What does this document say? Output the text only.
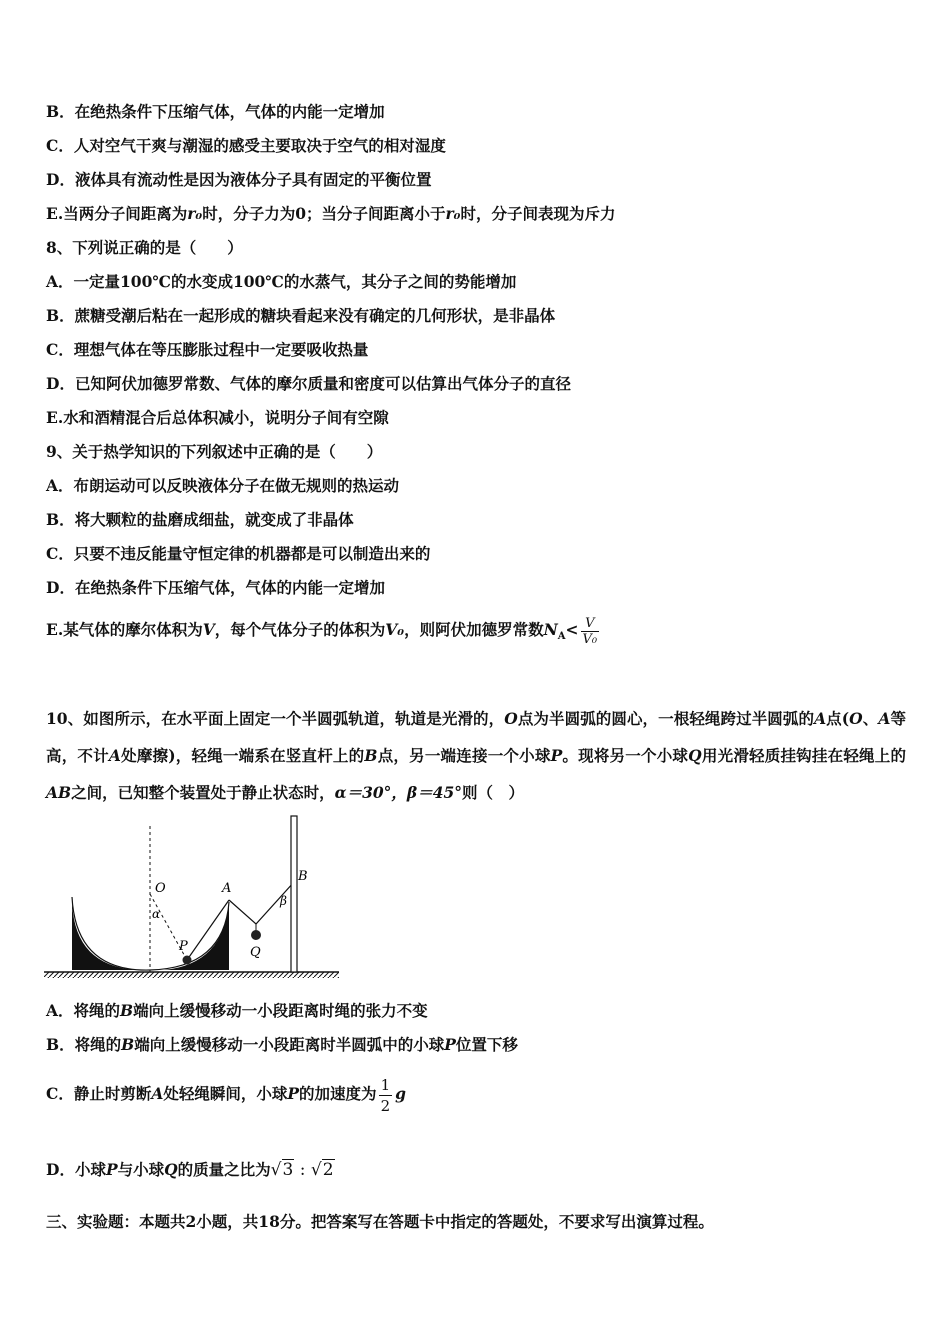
B．在绝热条件下压缩气体，气体的内能一定增加
C．人对空气干爽与潮湿的感受主要取决于空气的相对湿度
D．液体具有流动性是因为液体分子具有固定的平衡位置
E.当两分子间距离为r₀时，分子力为0；当分子间距离小于r₀时，分子间表现为斥力
8、下列说正确的是（　　）
A．一定量100℃的水变成100℃的水蒸气，其分子之间的势能增加
B．蔗糖受潮后粘在一起形成的糖块看起来没有确定的几何形状，是非晶体
C．理想气体在等压膨胀过程中一定要吸收热量
D．已知阿伏加德罗常数、气体的摩尔质量和密度可以估算出气体分子的直径
E.水和酒精混合后总体积减小，说明分子间有空隙
9、关于热学知识的下列叙述中正确的是（　　）
A．布朗运动可以反映液体分子在做无规则的热运动
B．将大颗粒的盐磨成细盐，就变成了非晶体
C．只要不违反能量守恒定律的机器都是可以制造出来的
D．在绝热条件下压缩气体，气体的内能一定增加
E.某气体的摩尔体积为V，每个气体分子的体积为V₀，则阿伏加德罗常数$N_A< \frac{V}{\text{V₀}}$
10、如图所示，在水平面上固定一个半圆弧轨道，轨道是光滑的，O点为半圆弧的圆心，一根轻绳跨过半圆弧的A点(O、A等高，不计A处摩擦)，轻绳一端系在竖直杆上的B点，另一端连接一个小球P。现将另一个小球Q用光滑轻质挂钩挂在轻绳上的AB之间，已知整个装置处于静止状态时，α＝30°，β＝45°则（　）
O	A
B
P	Q
α
β
A．将绳的B端向上缓慢移动一小段距离时绳的张力不变
B．将绳的B端向上缓慢移动一小段距离时半圆弧中的小球P位置下移
C．静止时剪断A处轻绳瞬间，小球P的加速度为 $\frac{1}{2}$ g
D．小球P与小球Q的质量之比为√3 : √2
三、实验题：本题共2小题，共18分。把答案写在答题卡中指定的答题处，不要求写出演算过程。
